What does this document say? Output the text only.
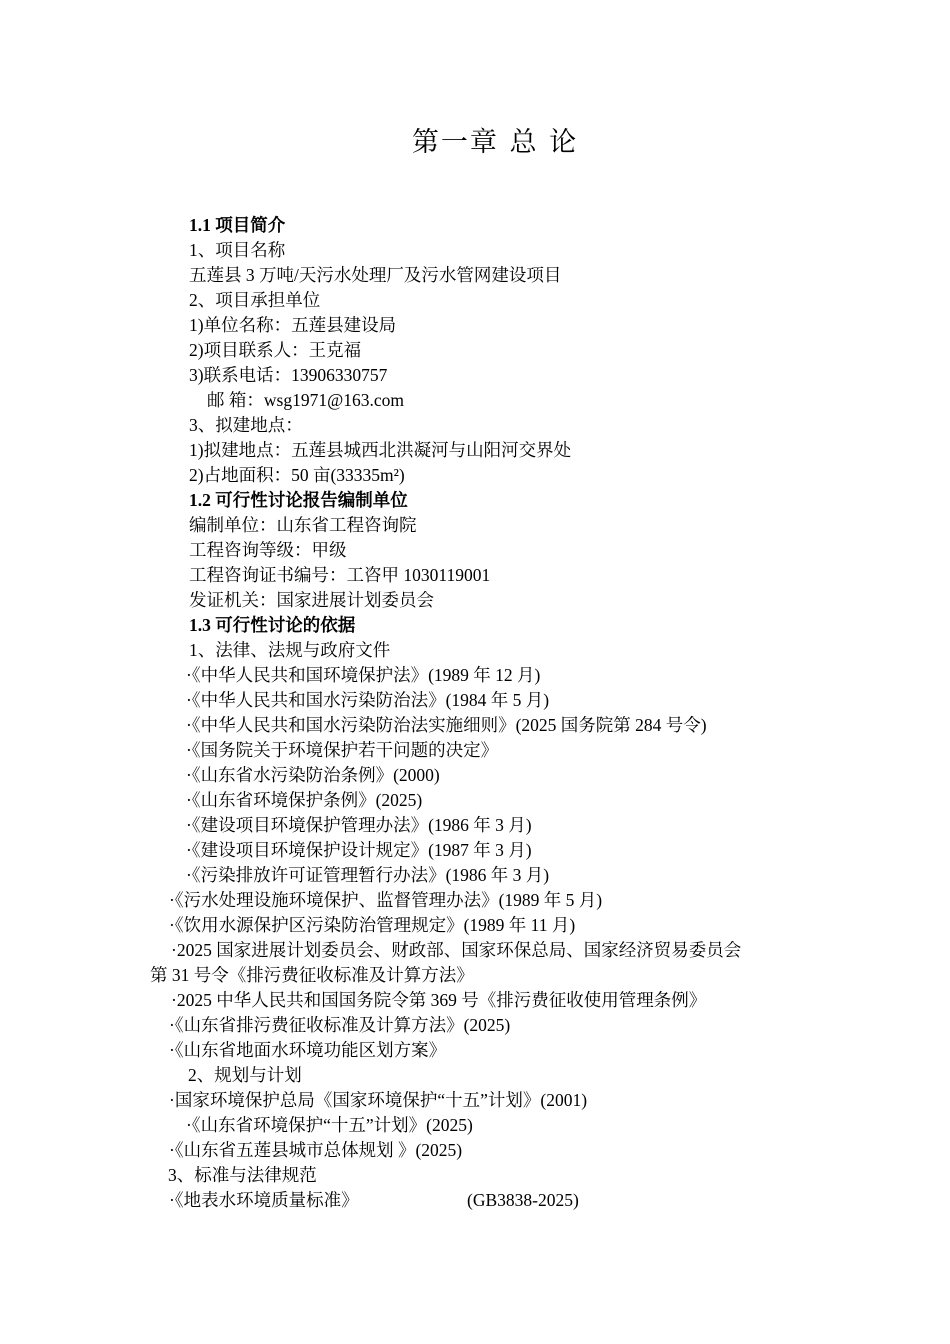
第一章 总 论
1.1 项目简介
1、项目名称
五莲县 3 万吨/天污水处理厂及污水管网建设项目
2、项目承担单位
1)单位名称：五莲县建设局
2)项目联系人：王克福
3)联系电话：13906330757
邮 箱：wsg1971@163.com
3、拟建地点：
1)拟建地点：五莲县城西北洪凝河与山阳河交界处
2)占地面积：50 亩(33335m²)
1.2 可行性讨论报告编制单位
编制单位：山东省工程咨询院
工程咨询等级：甲级
工程咨询证书编号：工咨甲 1030119001
发证机关：国家进展计划委员会
1.3 可行性讨论的依据
1、法律、法规与政府文件
·《中华人民共和国环境保护法》(1989 年 12 月)
·《中华人民共和国水污染防治法》(1984 年 5 月)
·《中华人民共和国水污染防治法实施细则》(2025 国务院第 284 号令)
·《国务院关于环境保护若干问题的决定》
·《山东省水污染防治条例》(2000)
·《山东省环境保护条例》(2025)
·《建设项目环境保护管理办法》(1986 年 3 月)
·《建设项目环境保护设计规定》(1987 年 3 月)
·《污染排放许可证管理暂行办法》(1986 年 3 月)
·《污水处理设施环境保护、监督管理办法》(1989 年 5 月)
·《饮用水源保护区污染防治管理规定》(1989 年 11 月)
·2025 国家进展计划委员会、财政部、国家环保总局、国家经济贸易委员会
第 31 号令《排污费征收标准及计算方法》
·2025 中华人民共和国国务院令第 369 号《排污费征收使用管理条例》
·《山东省排污费征收标准及计算方法》(2025)
·《山东省地面水环境功能区划方案》
2、规划与计划
·国家环境保护总局《国家环境保护“十五”计划》(2001)
·《山东省环境保护“十五”计划》(2025)
·《山东省五莲县城市总体规划 》(2025)
3、标准与法律规范
·《地表水环境质量标准》	(GB3838-2025)
